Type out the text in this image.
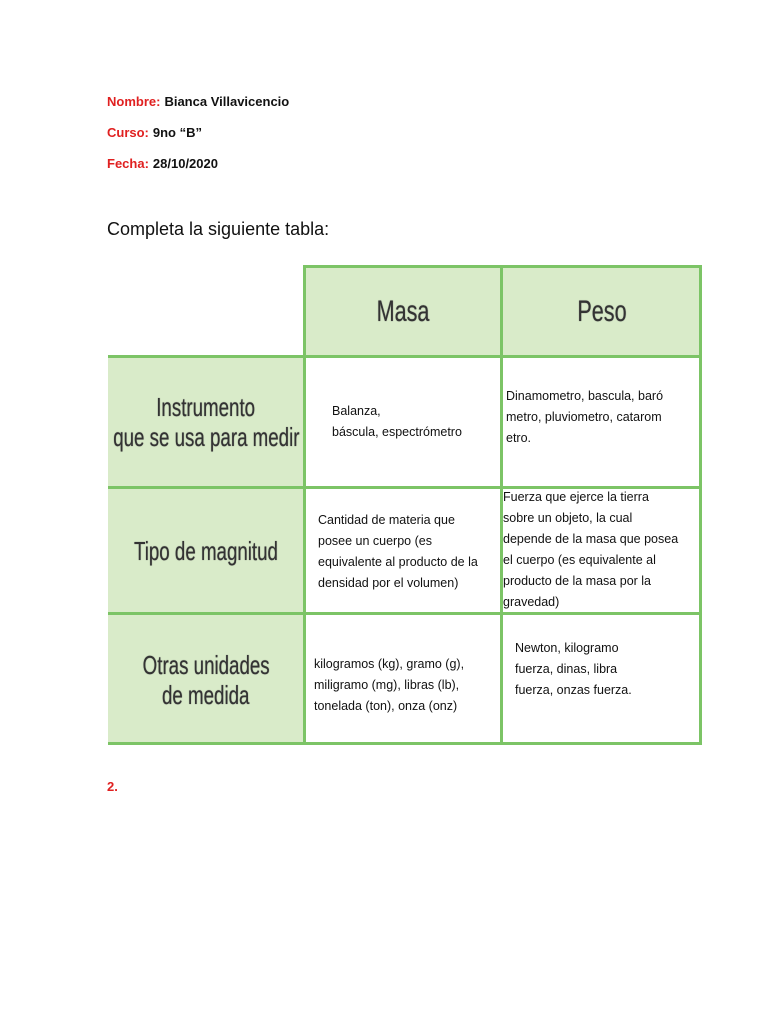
Nombre: Bianca Villavicencio
Curso: 9no “B”
Fecha: 28/10/2020
Completa la siguiente tabla:
Masa	Peso
Instrumento
que se usa para medir
Tipo de magnitud
Otras unidades
de medida
Balanza,
báscula, espectrómetro
Dinamometro, bascula, baró
metro, pluviometro, catarom
etro.
Cantidad de materia que
posee un cuerpo (es
equivalente al producto de la
densidad por el volumen)
Fuerza que ejerce la tierra
sobre un objeto, la cual
depende de la masa que posea
el cuerpo (es equivalente al
producto de la masa por la
gravedad)
kilogramos (kg), gramo (g),
miligramo (mg), libras (lb),
tonelada (ton), onza (onz)
Newton, kilogramo
fuerza, dinas, libra
fuerza, onzas fuerza.
2.
